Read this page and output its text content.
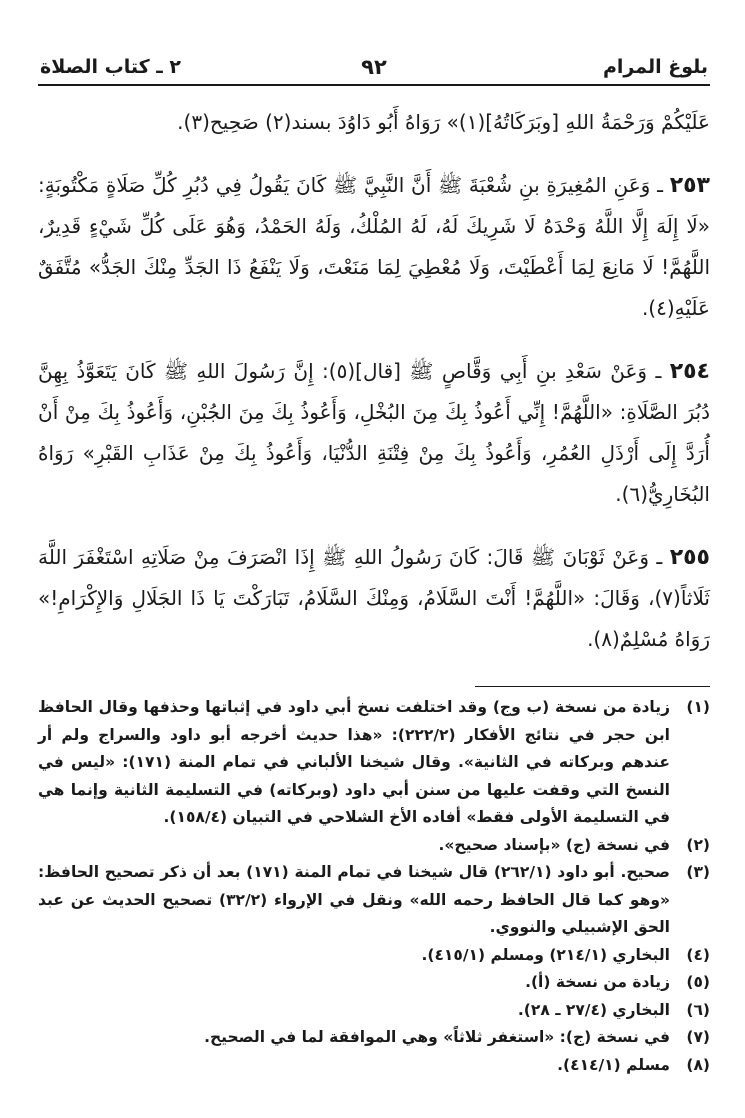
بلوغ المرام
٩٢
٢ ـ كتاب الصلاة

عَلَيْكُمْ وَرَحْمَةُ اللهِ [وبَرَكَاتُهُ](١)» رَوَاهُ أَبُو دَاوُدَ بسند(٢) صَحِيح(٣).

٢٥٣ ـ وَعَنِ المُغِيرَةِ بنِ شُعْبَةَ ﷺ أَنَّ النَّبِيَّ ﷺ كَانَ يَقُولُ فِي دُبُرِ كُلِّ صَلَاةٍ مَكْتُوبَةٍ: «لَا إِلَهَ إِلَّا اللَّهُ وَحْدَهُ لَا شَرِيكَ لَهُ، لَهُ المُلْكُ، وَلَهُ الحَمْدُ، وَهُوَ عَلَى كُلِّ شَيْءٍ قَدِيرٌ، اللَّهُمَّ! لَا مَانِعَ لِمَا أَعْطَيْتَ، وَلَا مُعْطِيَ لِمَا مَنَعْتَ، وَلَا يَنْفَعُ ذَا الجَدِّ مِنْكَ الجَدُّ» مُتَّفَقٌ عَلَيْهِ(٤).

٢٥٤ ـ وَعَنْ سَعْدِ بنِ أَبِي وَقَّاصٍ ﷺ [قال](٥): إِنَّ رَسُولَ اللهِ ﷺ كَانَ يَتَعَوَّذُ بِهِنَّ دُبُرَ الصَّلَاةِ: «اللَّهُمَّ! إِنِّي أَعُوذُ بِكَ مِنَ البُخْلِ، وَأَعُوذُ بِكَ مِنَ الجُبْنِ، وَأَعُوذُ بِكَ مِنْ أَنْ أُرَدَّ إِلَى أَرْذَلِ العُمُرِ، وَأَعُوذُ بِكَ مِنْ فِتْنَةِ الدُّنْيَا، وَأَعُوذُ بِكَ مِنْ عَذَابِ القَبْرِ» رَوَاهُ البُخَارِيُّ(٦).

٢٥٥ ـ وَعَنْ ثَوْبَانَ ﷺ قَالَ: كَانَ رَسُولُ اللهِ ﷺ إِذَا انْصَرَفَ مِنْ صَلَاتِهِ اسْتَغْفَرَ اللَّهَ ثَلَاثاً(٧)، وَقَالَ: «اللَّهُمَّ! أَنْتَ السَّلَامُ، وَمِنْكَ السَّلَامُ، تَبَارَكْتَ يَا ذَا الجَلَالِ وَالإِكْرَامِ!» رَوَاهُ مُسْلِمٌ(٨).

(١)
زيادة من نسخة (ب وج) وقد اختلفت نسخ أبي داود في إثباتها وحذفها وقال الحافظ ابن حجر في نتائج الأفكار (٢٢٢/٢): «هذا حديث أخرجه أبو داود والسراج ولم أر عندهم وبركاته في الثانية». وقال شيخنا الألباني في تمام المنة (١٧١): «ليس في النسخ التي وقفت عليها من سنن أبي داود (وبركاته) في التسليمة الثانية وإنما هي في التسليمة الأولى فقط» أفاده الأخ الشلاحي في التبيان (١٥٨/٤).
(٢)
في نسخة (ج) «بإسناد صحيح».
(٣)
صحيح. أبو داود (٢٦٢/١) قال شيخنا في تمام المنة (١٧١) بعد أن ذكر تصحيح الحافظ: «وهو كما قال الحافظ رحمه الله» ونقل في الإرواء (٣٢/٢) تصحيح الحديث عن عبد الحق الإشبيلي والنووي.
(٤)
البخاري (٢١٤/١) ومسلم (٤١٥/١).
(٥)
زيادة من نسخة (أ).
(٦)
البخاري (٢٧/٤ ـ ٢٨).
(٧)
في نسخة (ج): «استغفر ثلاثاً» وهي الموافقة لما في الصحيح.
(٨)
مسلم (٤١٤/١).
